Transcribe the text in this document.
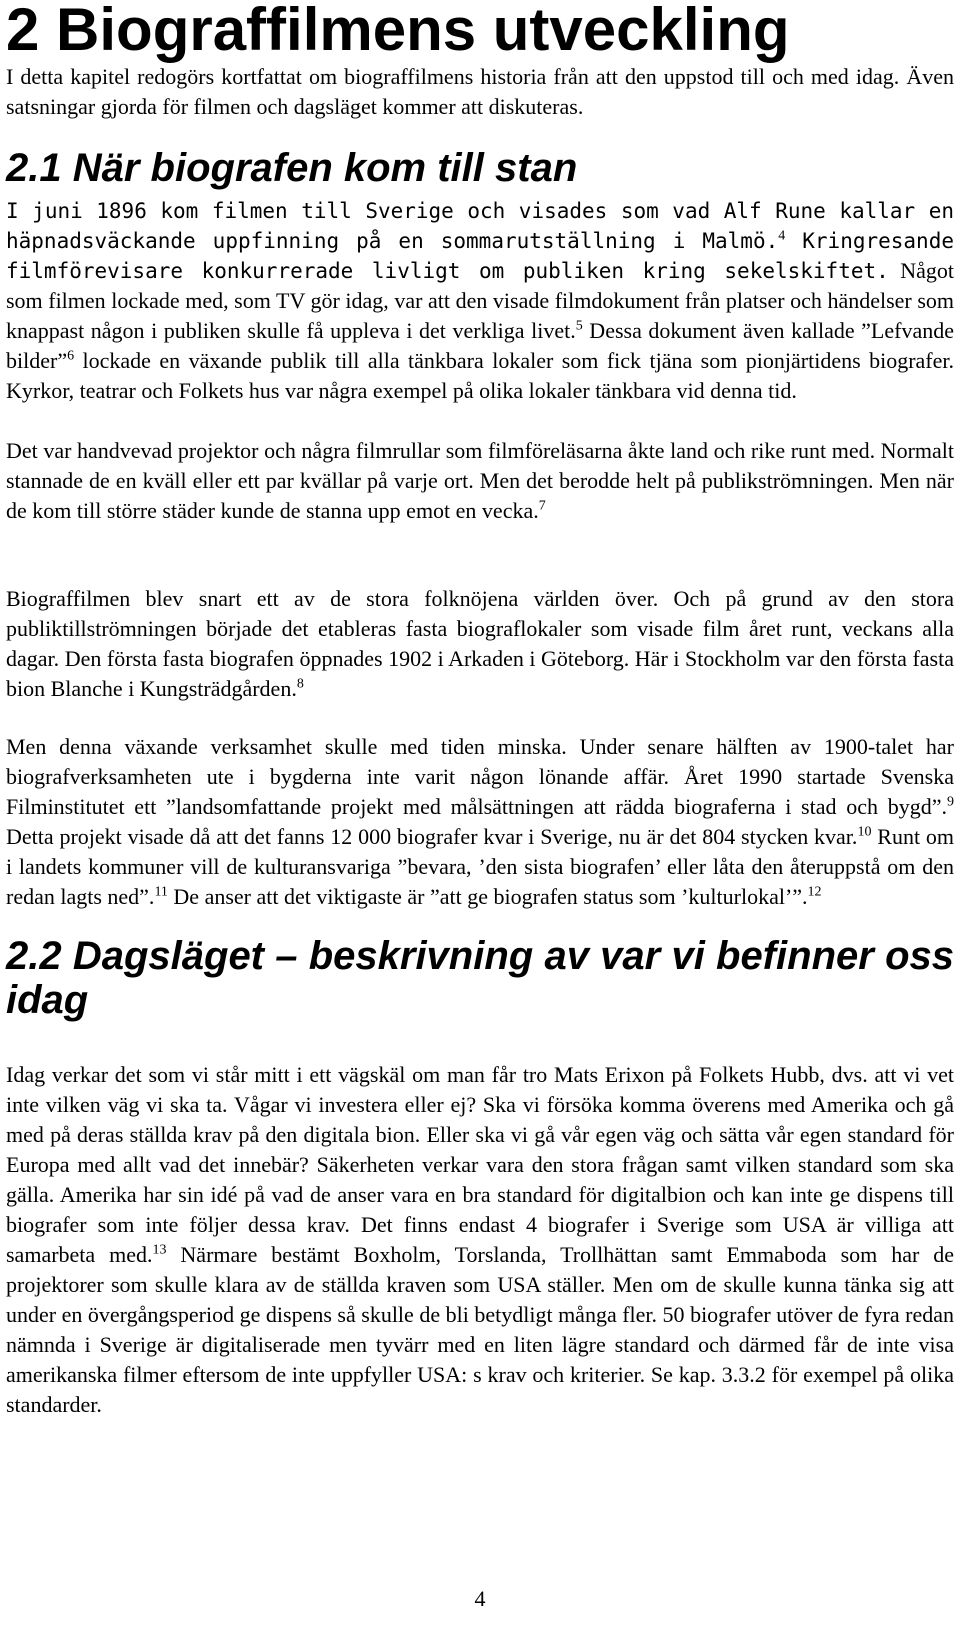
2 Biograffilmens utveckling

I detta kapitel redogörs kortfattat om biograffilmens historia från att den uppstod till och med idag. Även satsningar gjorda för filmen och dagsläget kommer att diskuteras.

2.1 När biografen kom till stan

I juni 1896 kom filmen till Sverige och visades som vad Alf Rune kallar en häpnadsväckande uppfinning på en sommarutställning i Malmö.$^4$ Kringresande filmförevisare konkurrerade livligt om publiken kring sekelskiftet. Något som filmen lockade med, som TV gör idag, var att den visade filmdokument från platser och händelser som knappast någon i publiken skulle få uppleva i det verkliga livet.$^5$ Dessa dokument även kallade ”Lefvande bilder”$^6$ lockade en växande publik till alla tänkbara lokaler som fick tjäna som pionjärtidens biografer. Kyrkor, teatrar och Folkets hus var några exempel på olika lokaler tänkbara vid denna tid.

Det var handvevad projektor och några filmrullar som filmföreläsarna åkte land och rike runt med. Normalt stannade de en kväll eller ett par kvällar på varje ort. Men det berodde helt på publikströmningen. Men när de kom till större städer kunde de stanna upp emot en vecka.$^7$

Biograffilmen blev snart ett av de stora folknöjena världen över. Och på grund av den stora publiktillströmningen började det etableras fasta biograflokaler som visade film året runt, veckans alla dagar. Den första fasta biografen öppnades 1902 i Arkaden i Göteborg. Här i Stockholm var den första fasta bion Blanche i Kungsträdgården.$^8$

Men denna växande verksamhet skulle med tiden minska. Under senare hälften av 1900-talet har biografverksamheten ute i bygderna inte varit någon lönande affär. Året 1990 startade Svenska Filminstitutet ett ”landsomfattande projekt med målsättningen att rädda biograferna i stad och bygd”.$^9$ Detta projekt visade då att det fanns 12 000 biografer kvar i Sverige, nu är det 804 stycken kvar.$^{10}$ Runt om i landets kommuner vill de kulturansvariga ”bevara, ’den sista biografen’ eller låta den återuppstå om den redan lagts ned”.$^{11}$ De anser att det viktigaste är ”att ge biografen status som ’kulturlokal’”.$^{12}$

2.2 Dagsläget – beskrivning av var vi befinner oss idag

Idag verkar det som vi står mitt i ett vägskäl om man får tro Mats Erixon på Folkets Hubb, dvs. att vi vet inte vilken väg vi ska ta. Vågar vi investera eller ej? Ska vi försöka komma överens med Amerika och gå med på deras ställda krav på den digitala bion. Eller ska vi gå vår egen väg och sätta vår egen standard för Europa med allt vad det innebär? Säkerheten verkar vara den stora frågan samt vilken standard som ska gälla. Amerika har sin idé på vad de anser vara en bra standard för digitalbion och kan inte ge dispens till biografer som inte följer dessa krav. Det finns endast 4 biografer i Sverige som USA är villiga att samarbeta med.$^{13}$ Närmare bestämt Boxholm, Torslanda, Trollhättan samt Emmaboda som har de projektorer som skulle klara av de ställda kraven som USA ställer. Men om de skulle kunna tänka sig att under en övergångsperiod ge dispens så skulle de bli betydligt många fler. 50 biografer utöver de fyra redan nämnda i Sverige är digitaliserade men tyvärr med en liten lägre standard och därmed får de inte visa amerikanska filmer eftersom de inte uppfyller USA: s krav och kriterier. Se kap. 3.3.2 för exempel på olika standarder.

4
